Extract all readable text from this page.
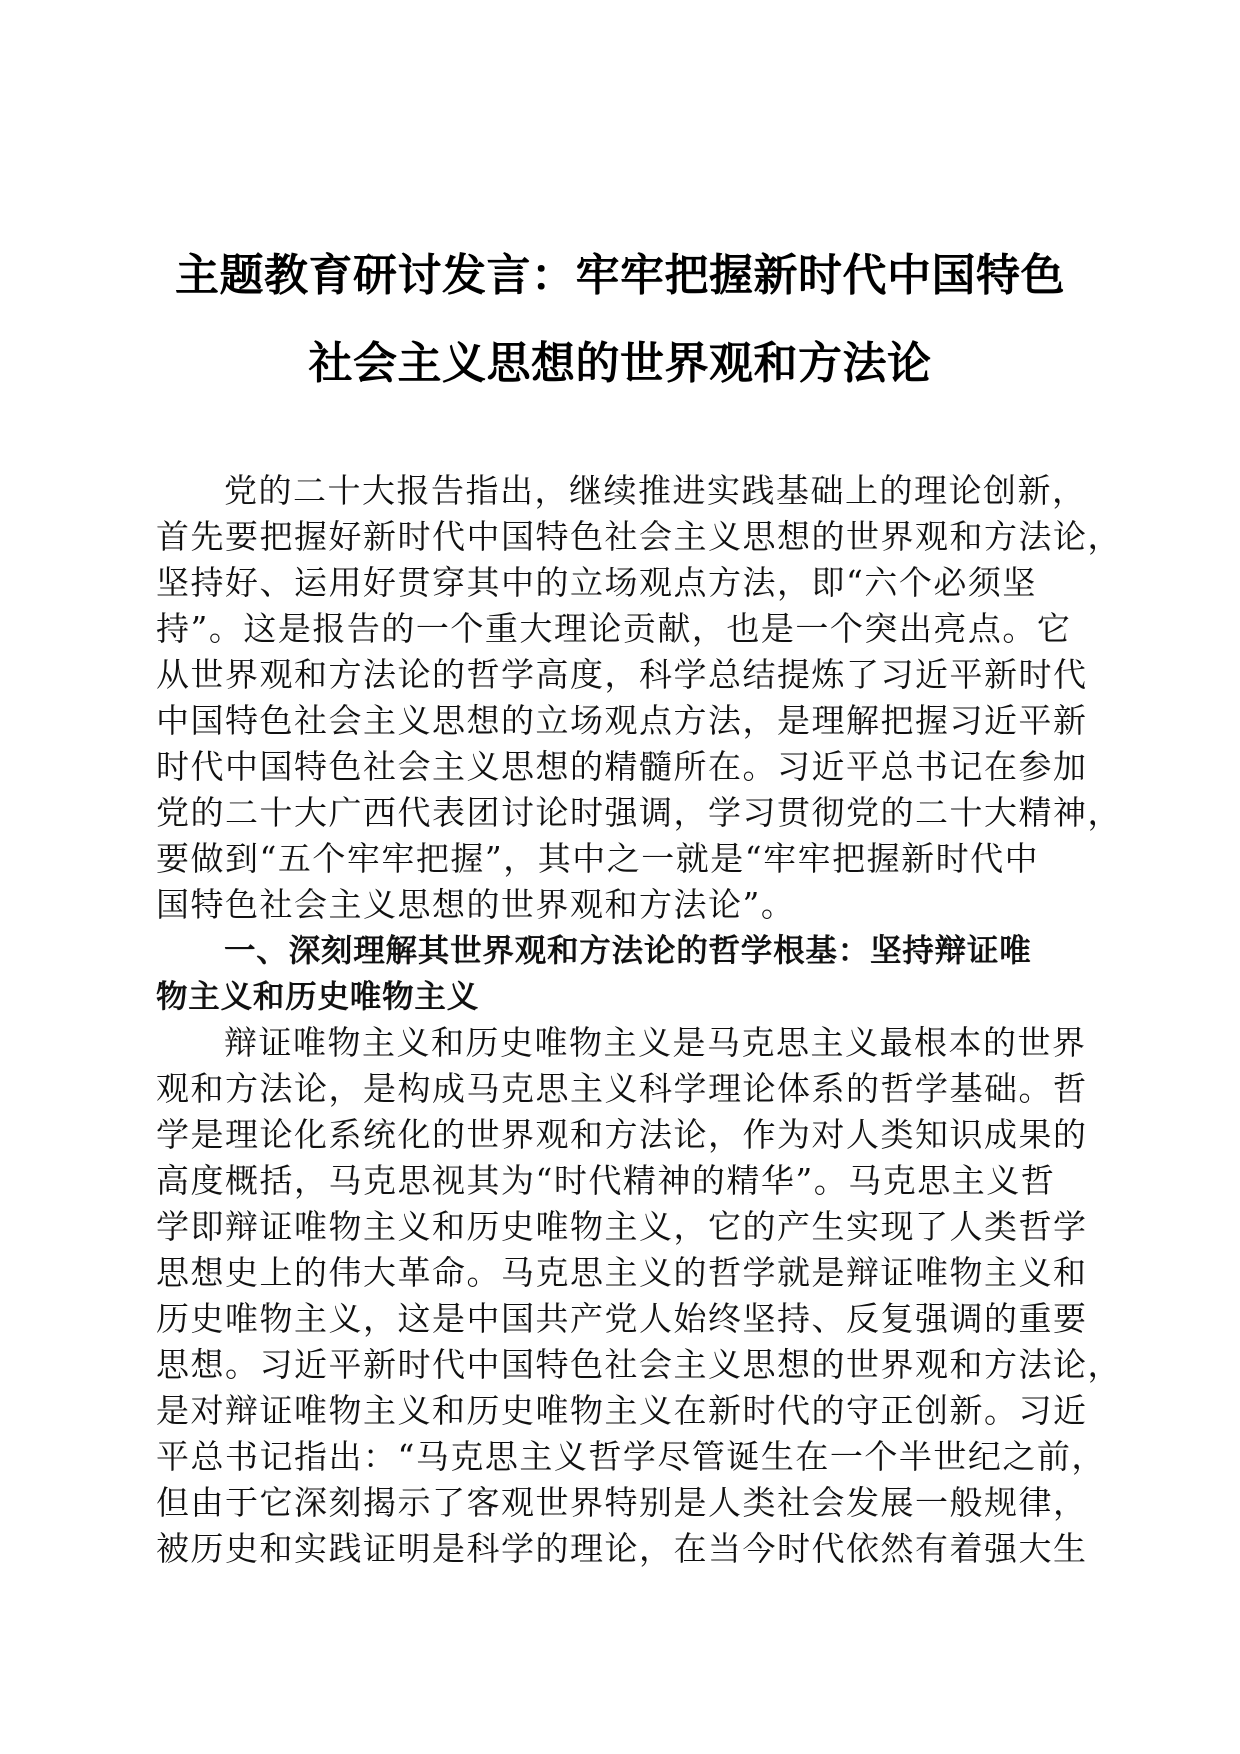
主题教育研讨发言：牢牢把握新时代中国特色
社会主义思想的世界观和方法论
党的二十大报告指出，继续推进实践基础上的理论创新，
首先要把握好新时代中国特色社会主义思想的世界观和方法论，
坚持好、运用好贯穿其中的立场观点方法，即“六个必须坚
持”。这是报告的一个重大理论贡献，也是一个突出亮点。它
从世界观和方法论的哲学高度，科学总结提炼了习近平新时代
中国特色社会主义思想的立场观点方法，是理解把握习近平新
时代中国特色社会主义思想的精髓所在。习近平总书记在参加
党的二十大广西代表团讨论时强调，学习贯彻党的二十大精神，
要做到“五个牢牢把握”，其中之一就是“牢牢把握新时代中
国特色社会主义思想的世界观和方法论”。
一、深刻理解其世界观和方法论的哲学根基：坚持辩证唯
物主义和历史唯物主义
辩证唯物主义和历史唯物主义是马克思主义最根本的世界
观和方法论，是构成马克思主义科学理论体系的哲学基础。哲
学是理论化系统化的世界观和方法论，作为对人类知识成果的
高度概括，马克思视其为“时代精神的精华”。马克思主义哲
学即辩证唯物主义和历史唯物主义，它的产生实现了人类哲学
思想史上的伟大革命。马克思主义的哲学就是辩证唯物主义和
历史唯物主义，这是中国共产党人始终坚持、反复强调的重要
思想。习近平新时代中国特色社会主义思想的世界观和方法论，
是对辩证唯物主义和历史唯物主义在新时代的守正创新。习近
平总书记指出：“马克思主义哲学尽管诞生在一个半世纪之前，
但由于它深刻揭示了客观世界特别是人类社会发展一般规律，
被历史和实践证明是科学的理论，在当今时代依然有着强大生
